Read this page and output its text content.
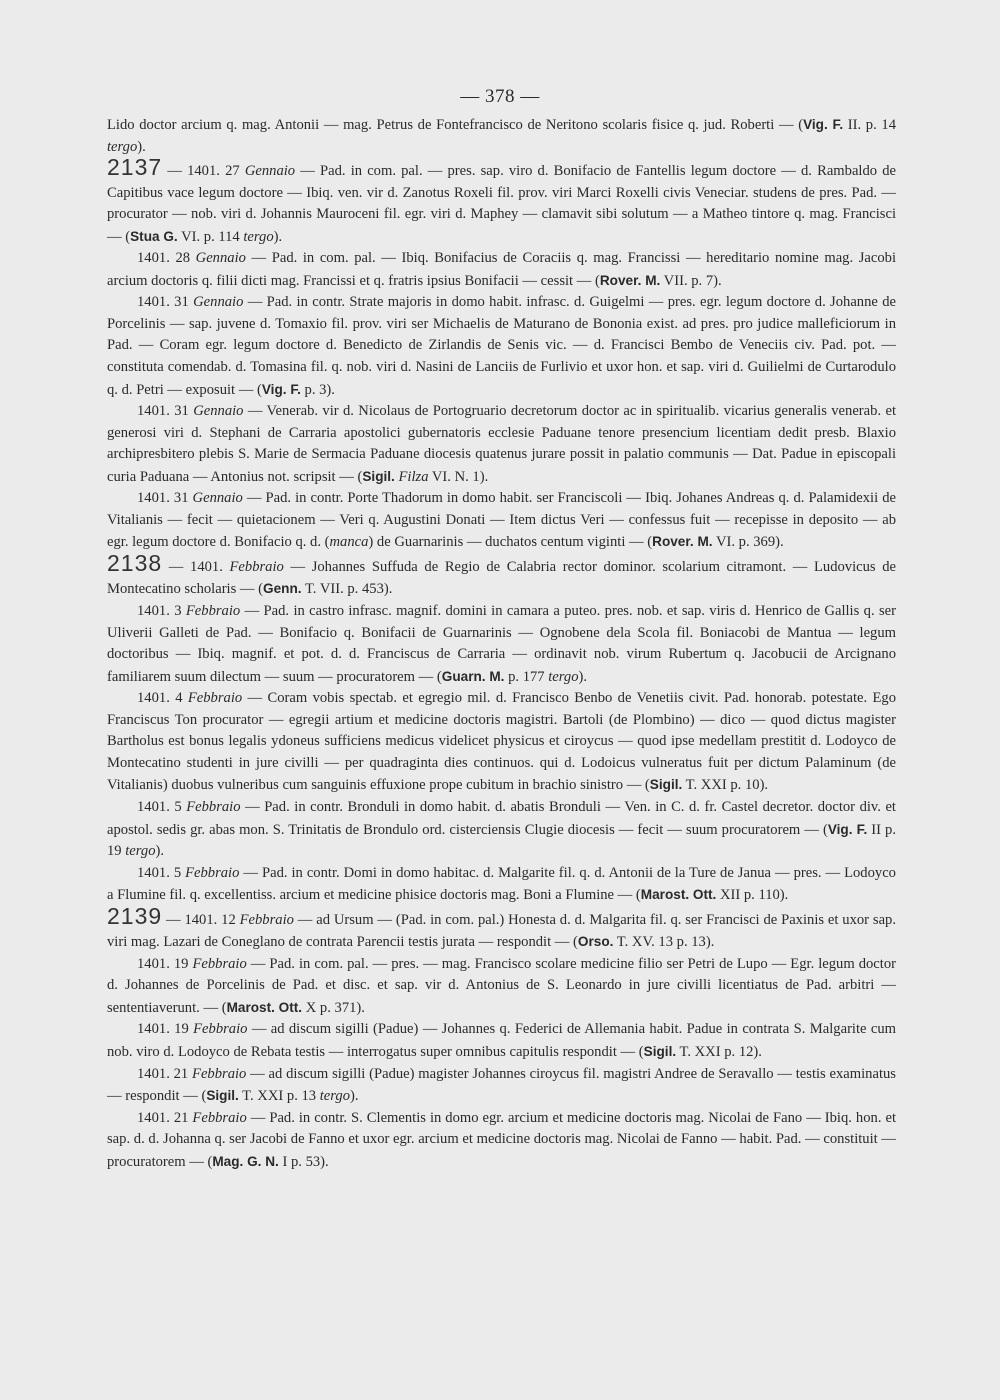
— 378 —

Lido doctor arcium q. mag. Antonii — mag. Petrus de Fontefrancisco de Neritono scolaris fisice q. jud. Roberti — (Vig. F. II. p. 14 tergo).

2137 — 1401. 27 Gennaio — Pad. in com. pal. — pres. sap. viro d. Bonifacio de Fantellis legum doctore — d. Rambaldo de Capitibus vace legum doctore — Ibiq. ven. vir d. Zanotus Roxeli fil. prov. viri Marci Roxelli civis Veneciar. studens de pres. Pad. — procurator — nob. viri d. Johannis Mauroceni fil. egr. viri d. Maphey — clamavit sibi solutum — a Matheo tintore q. mag. Francisci — (Stua G. VI. p. 114 tergo).

1401. 28 Gennaio — Pad. in com. pal. — Ibiq. Bonifacius de Coraciis q. mag. Francissi — hereditario nomine mag. Jacobi arcium doctoris q. filii dicti mag. Francissi et q. fratris ipsius Bonifacii — cessit — (Rover. M. VII. p. 7).

1401. 31 Gennaio — Pad. in contr. Strate majoris in domo habit. infrasc. d. Guigelmi — pres. egr. legum doctore d. Johanne de Porcelinis — sap. juvene d. Tomaxio fil. prov. viri ser Michaelis de Maturano de Bononia exist. ad pres. pro judice malleficiorum in Pad. — Coram egr. legum doctore d. Benedicto de Zirlandis de Senis vic. — d. Francisci Bembo de Veneciis civ. Pad. pot. — constituta comendab. d. Tomasina fil. q. nob. viri d. Nasini de Lanciis de Furlivio et uxor hon. et sap. viri d. Guilielmi de Curtarodulo q. d. Petri — exposuit — (Vig. F. p. 3).

1401. 31 Gennaio — Venerab. vir d. Nicolaus de Portogruario decretorum doctor ac in spiritualib. vicarius generalis venerab. et generosi viri d. Stephani de Carraria apostolici gubernatoris ecclesie Paduane tenore presencium licentiam dedit presb. Blaxio archipresbitero plebis S. Marie de Sermacia Paduane diocesis quatenus jurare possit in palatio communis — Dat. Padue in episcopali curia Paduana — Antonius not. scripsit — (Sigil. Filza VI. N. 1).

1401. 31 Gennaio — Pad. in contr. Porte Thadorum in domo habit. ser Franciscoli — Ibiq. Johanes Andreas q. d. Palamidexii de Vitalianis — fecit — quietacionem — Veri q. Augustini Donati — Item dictus Veri — confessus fuit — recepisse in deposito — ab egr. legum doctore d. Bonifacio q. d. (manca) de Guarnarinis — duchatos centum viginti — (Rover. M. VI. p. 369).

2138 — 1401. Febbraio — Johannes Suffuda de Regio de Calabria rector dominor. scolarium citramont. — Ludovicus de Montecatino scholaris — (Genn. T. VII. p. 453).

1401. 3 Febbraio — Pad. in castro infrasc. magnif. domini in camara a puteo. pres. nob. et sap. viris d. Henrico de Gallis q. ser Uliverii Galleti de Pad. — Bonifacio q. Bonifacii de Guarnarinis — Ognobene dela Scola fil. Boniacobi de Mantua — legum doctoribus — Ibiq. magnif. et pot. d. d. Franciscus de Carraria — ordinavit nob. virum Rubertum q. Jacobucii de Arcignano familiarem suum dilectum — suum — procuratorem — (Guarn. M. p. 177 tergo).

1401. 4 Febbraio — Coram vobis spectab. et egregio mil. d. Francisco Benbo de Venetiis civit. Pad. honorab. potestate. Ego Franciscus Ton procurator — egregii artium et medicine doctoris magistri. Bartoli (de Plombino) — dico — quod dictus magister Bartholus est bonus legalis ydoneus sufficiens medicus videlicet physicus et ciroycus — quod ipse medellam prestitit d. Lodoyco de Montecatino studenti in jure civilli — per quadraginta dies continuos. qui d. Lodoicus vulneratus fuit per dictum Palaminum (de Vitalianis) duobus vulneribus cum sanguinis effuxione prope cubitum in brachio sinistro — (Sigil. T. XXI p. 10).

1401. 5 Febbraio — Pad. in contr. Bronduli in domo habit. d. abatis Bronduli — Ven. in C. d. fr. Castel decretor. doctor div. et apostol. sedis gr. abas mon. S. Trinitatis de Brondulo ord. cisterciensis Clugie diocesis — fecit — suum procuratorem — (Vig. F. II p. 19 tergo).

1401. 5 Febbraio — Pad. in contr. Domi in domo habitac. d. Malgarite fil. q. d. Antonii de la Ture de Janua — pres. — Lodoyco a Flumine fil. q. excellentiss. arcium et medicine phisice doctoris mag. Boni a Flumine — (Marost. Ott. XII p. 110).

2139 — 1401. 12 Febbraio — ad Ursum — (Pad. in com. pal.) Honesta d. d. Malgarita fil. q. ser Francisci de Paxinis et uxor sap. viri mag. Lazari de Coneglano de contrata Parencii testis jurata — respondit — (Orso. T. XV. 13 p. 13).

1401. 19 Febbraio — Pad. in com. pal. — pres. — mag. Francisco scolare medicine filio ser Petri de Lupo — Egr. legum doctor d. Johannes de Porcelinis de Pad. et disc. et sap. vir d. Antonius de S. Leonardo in jure civilli licentiatus de Pad. arbitri — sententiaverunt. — (Marost. Ott. X p. 371).

1401. 19 Febbraio — ad discum sigilli (Padue) — Johannes q. Federici de Allemania habit. Padue in contrata S. Malgarite cum nob. viro d. Lodoyco de Rebata testis — interrogatus super omnibus capitulis respondit — (Sigil. T. XXI p. 12).

1401. 21 Febbraio — ad discum sigilli (Padue) magister Johannes ciroycus fil. magistri Andree de Seravallo — testis examinatus — respondit — (Sigil. T. XXI p. 13 tergo).

1401. 21 Febbraio — Pad. in contr. S. Clementis in domo egr. arcium et medicine doctoris mag. Nicolai de Fano — Ibiq. hon. et sap. d. d. Johanna q. ser Jacobi de Fanno et uxor egr. arcium et medicine doctoris mag. Nicolai de Fanno — habit. Pad. — constituit — procuratorem — (Mag. G. N. I p. 53).
